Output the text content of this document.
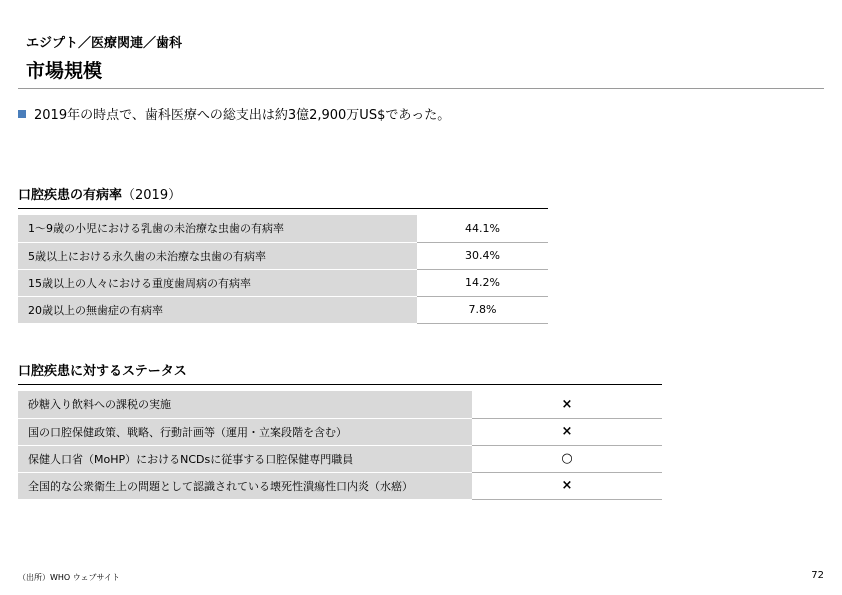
エジプト／医療関連／歯科
市場規模
2019年の時点で、歯科医療への総支出は約3億2,900万US$であった。
口腔疾患の有病率（2019）
1～9歳の小児における乳歯の未治療な虫歯の有病率	44.1%
5歳以上における永久歯の未治療な虫歯の有病率	30.4%
15歳以上の人々における重度歯周病の有病率	14.2%
20歳以上の無歯症の有病率	7.8%
口腔疾患に対するステータス
砂糖入り飲料への課税の実施	×
国の口腔保健政策、戦略、行動計画等（運用・立案段階を含む）	×
保健人口省（MoHP）におけるNCDsに従事する口腔保健専門職員	○
全国的な公衆衛生上の問題として認識されている壊死性潰瘍性口内炎（水癌）	×
（出所）WHO ウェブサイト	72
